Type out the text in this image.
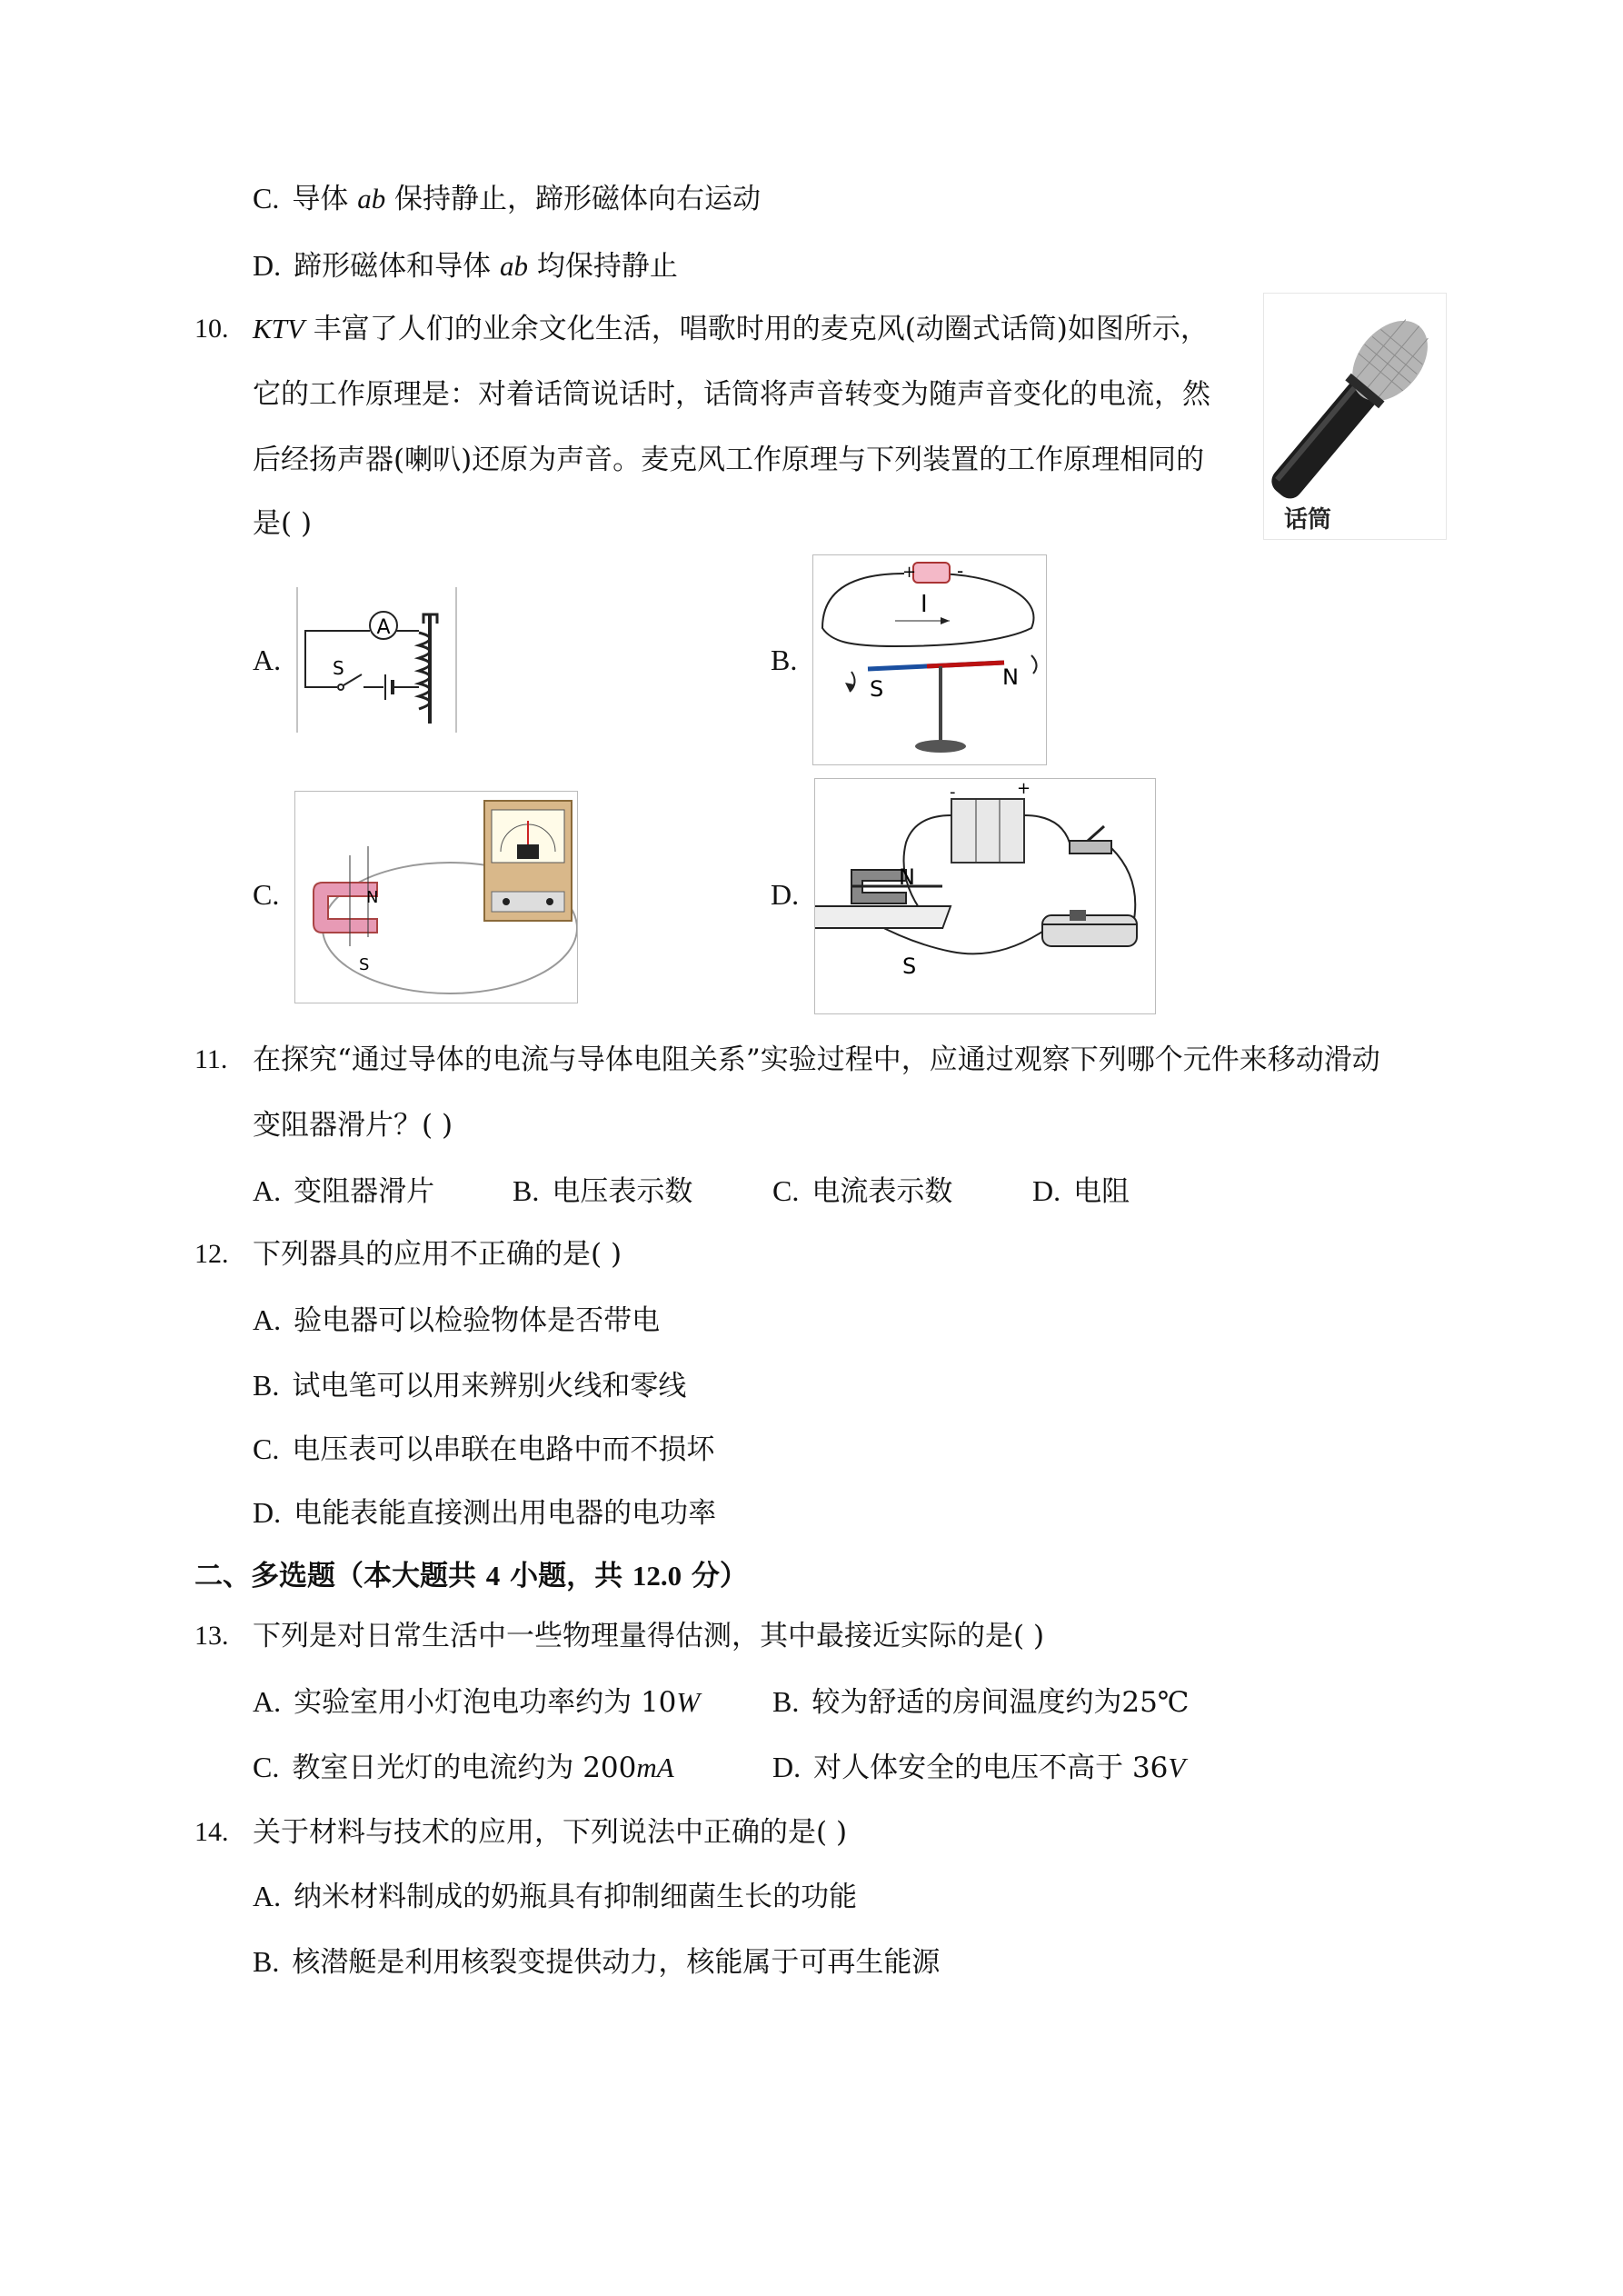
C. 导体 ab 保持静止，蹄形磁体向右运动
D. 蹄形磁体和导体 ab 均保持静止
10. KTV 丰富了人们的业余文化生活，唱歌时用的麦克风(动圈式话筒)如图所示，
它的工作原理是：对着话筒说话时，话筒将声音转变为随声音变化的电流，然
后经扬声器(喇叭)还原为声音。麦克风工作原理与下列装置的工作原理相同的
是( )	话筒
A.
A
S	B.
+ -
I
S	N
C.	N
S
D.
-	+
N
S
11. 在探究“通过导体的电流与导体电阻关系”实验过程中，应通过观察下列哪个元件来移动滑动
变阻器滑片？( )
A. 变阻器滑片	B. 电压表示数	C. 电流表示数	D. 电阻
12. 下列器具的应用不正确的是( )
A. 验电器可以检验物体是否带电
B. 试电笔可以用来辨别火线和零线
C. 电压表可以串联在电路中而不损坏
D. 电能表能直接测出用电器的电功率
二、多选题（本大题共 4 小题，共 12.0 分）
13. 下列是对日常生活中一些物理量得估测，其中最接近实际的是( )
A. 实验室用小灯泡电功率约为 10W B. 较为舒适的房间温度约为25℃
C. 教室日光灯的电流约为 200mA	D. 对人体安全的电压不高于 36V
14. 关于材料与技术的应用，下列说法中正确的是( )
A. 纳米材料制成的奶瓶具有抑制细菌生长的功能
B. 核潜艇是利用核裂变提供动力，核能属于可再生能源
